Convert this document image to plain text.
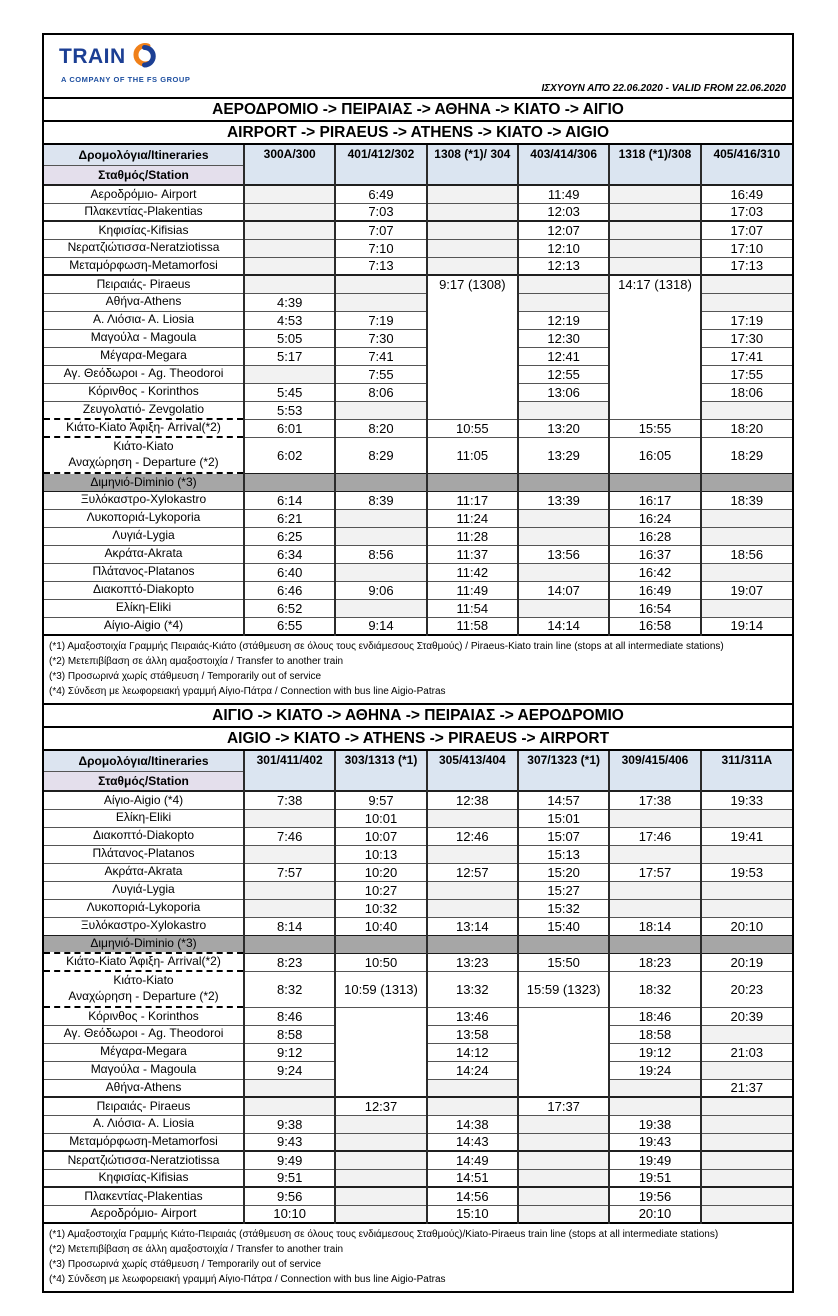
TRAIN
A COMPANY OF THE FS GROUP
ΙΣΧΥΟΥΝ ΑΠΌ 22.06.2020 - VALID FROM 22.06.2020
ΑΕΡΟΔΡΟΜΙΟ -> ΠΕΙΡΑΙΑΣ -> ΑΘΗΝΑ -> ΚΙΑΤΟ -> ΑΙΓΙΟ
AIRPORT -> PIRAEUS -> ATHENS -> KIATO -> AIGIO
Δρομολόγια/Itineraries	300A/300	401/412/302	1308 (*1)/ 304	403/414/306	1318 (*1)/308	405/416/310
Σταθμός/Station						
Αεροδρόμιο- Airport		6:49		11:49		16:49
Πλακεντίας-Plakentias		7:03		12:03		17:03
Κηφισίας-Kifisias		7:07		12:07		17:07
Νερατζιώτισσα-Neratziotissa		7:10		12:10		17:10
Μεταμόρφωση-Metamorfosi		7:13		12:13		17:13
Πειραιάς- Piraeus			9:17 (1308)		14:17 (1318)	
Αθήνα-Athens	4:39					
Α. Λιόσια- Α. Liosia	4:53	7:19		12:19		17:19
Μαγούλα - Magoula	5:05	7:30		12:30		17:30
Μέγαρα-Megara	5:17	7:41		12:41		17:41
Αγ. Θεόδωροι - Ag. Theodoroi		7:55		12:55		17:55
Κόρινθος - Korinthos	5:45	8:06		13:06		18:06
Ζευγολατιό- Zevgolatio	5:53					
Κιάτο-Kiato Άφιξη- Arrival(*2)	6:01	8:20	10:55	13:20	15:55	18:20

Κιάτο-Kiato
Αναχώρηση - Departure (*2)	6:02	8:29	11:05	13:29	16:05	18:29
Διμηνιό-Diminio (*3)						
Ξυλόκαστρο-Xylokastro	6:14	8:39	11:17	13:39	16:17	18:39
Λυκοποριά-Lykoporia	6:21		11:24		16:24	
Λυγιά-Lygia	6:25		11:28		16:28	
Ακράτα-Akrata	6:34	8:56	11:37	13:56	16:37	18:56
Πλάτανος-Platanos	6:40		11:42		16:42	
Διακοπτό-Diakopto	6:46	9:06	11:49	14:07	16:49	19:07
Ελίκη-Eliki	6:52		11:54		16:54	
Αίγιο-Aigio (*4)	6:55	9:14	11:58	14:14	16:58	19:14
(*1) Αμαξοστοιχία Γραμμής Πειραιάς-Κιάτο (στάθμευση σε όλους τους ενδιάμεσους Σταθμούς) / Piraeus-Kiato train line (stops at all intermediate stations)
(*2) Μετεπιβίβαση σε άλλη αμαξοστοιχία / Transfer to another train
(*3) Προσωρινά χωρίς στάθμευση / Temporarily out of service
(*4) Σύνδεση με λεωφορειακή γραμμή Αίγιο-Πάτρα / Connection with bus line Aigio-Patras
ΑΙΓΙΟ -> ΚΙΑΤΟ -> ΑΘΗΝΑ -> ΠΕΙΡΑΙΑΣ -> ΑΕΡΟΔΡΟΜΙΟ
AIGIO -> KIATO -> ATHENS -> PIRAEUS -> AIRPORT
Δρομολόγια/Itineraries	301/411/402	303/1313 (*1)	305/413/404	307/1323 (*1)	309/415/406	311/311A
Σταθμός/Station						
Αίγιο-Aigio (*4)	7:38	9:57	12:38	14:57	17:38	19:33
Ελίκη-Eliki		10:01		15:01		
Διακοπτό-Diakopto	7:46	10:07	12:46	15:07	17:46	19:41
Πλάτανος-Platanos		10:13		15:13		
Ακράτα-Akrata	7:57	10:20	12:57	15:20	17:57	19:53
Λυγιά-Lygia		10:27		15:27		
Λυκοποριά-Lykoporia		10:32		15:32		
Ξυλόκαστρο-Xylokastro	8:14	10:40	13:14	15:40	18:14	20:10
Διμηνιό-Diminio (*3)						
Κιάτο-Kiato Άφιξη- Arrival(*2)	8:23	10:50	13:23	15:50	18:23	20:19

Κιάτο-Kiato
Αναχώρηση - Departure (*2)	8:32	10:59 (1313)	13:32	15:59 (1323)	18:32	20:23
Κόρινθος - Korinthos	8:46		13:46		18:46	20:39
Αγ. Θεόδωροι - Ag. Theodoroi	8:58		13:58		18:58	
Μέγαρα-Megara	9:12		14:12		19:12	21:03
Μαγούλα - Magoula	9:24		14:24		19:24	
Αθήνα-Athens						21:37
Πειραιάς- Piraeus		12:37		17:37		
Α. Λιόσια- Α. Liosia	9:38		14:38		19:38	
Μεταμόρφωση-Metamorfosi	9:43		14:43		19:43	
Νερατζιώτισσα-Neratziotissa	9:49		14:49		19:49	
Κηφισίας-Kifisias	9:51		14:51		19:51	
Πλακεντίας-Plakentias	9:56		14:56		19:56	
Αεροδρόμιο- Airport	10:10		15:10		20:10	
(*1) Αμαξοστοιχία Γραμμής Κιάτο-Πειραιάς (στάθμευση σε όλους τους ενδιάμεσους Σταθμούς)/Kiato-Piraeus train line (stops at all intermediate stations)
(*2) Μετεπιβίβαση σε άλλη αμαξοστοιχία / Transfer to another train
(*3) Προσωρινά χωρίς στάθμευση / Temporarily out of service
(*4) Σύνδεση με λεωφορειακή γραμμή Αίγιο-Πάτρα / Connection with bus line Aigio-Patras
